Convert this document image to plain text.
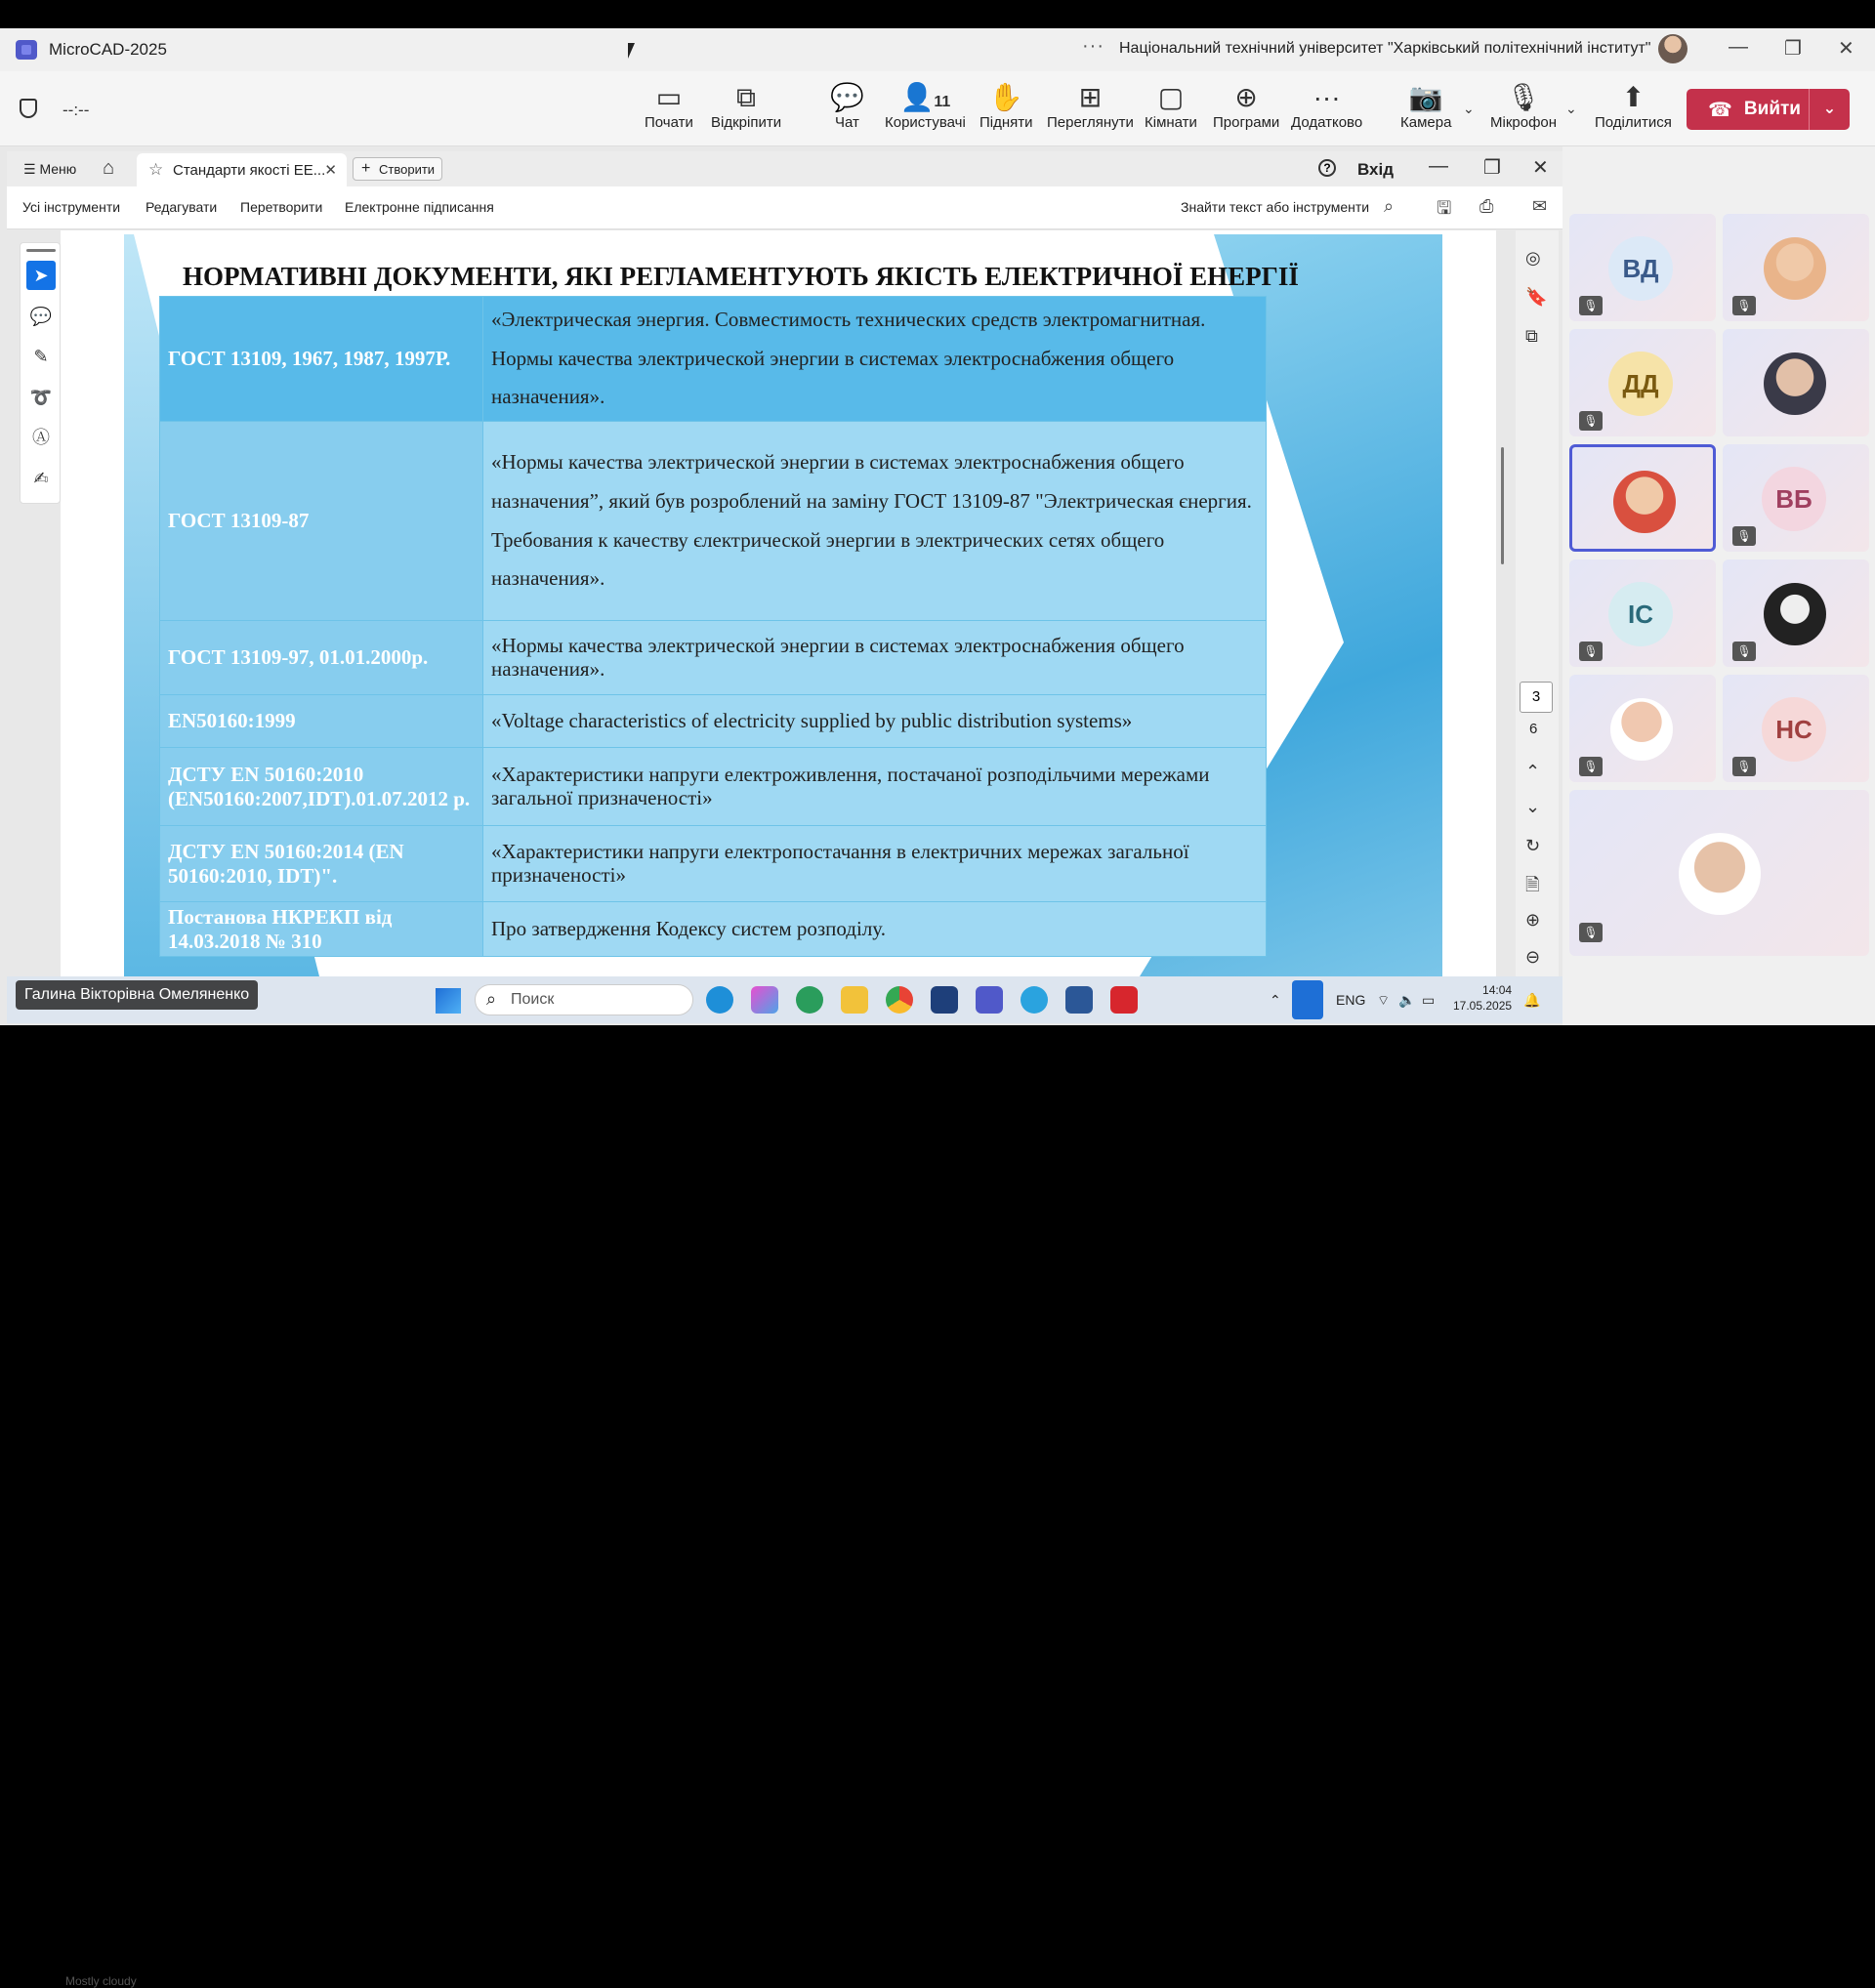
MicroCAD-2025	··· Національний технічний університет "Харківський політехнічний інститут"	— ❐ ✕
--:--	▭
Почати
⧉
Відкріпити
💬
Чат
👤11
Користувачі
✋
Підняти
⊞
Переглянути
▢
Кімнати
⊕
Програми
···
Додатково
📷
Камера
⌄	🎙
Мікрофон
⌄	⬆
Поділитися
☎ Вийти	⌄
☰ Меню ⌂ ☆ Стандарти якості ЕЕ... ✕ + Створити	?	Вхід — ❐ ✕
Усі інструменти Редагувати Перетворити Електронне підписання	Знайти текст або інструменти ⌕ 🖫 ⎙ ✉
➤
💬
✎
➰
Ⓐ
✍
НОРМАТИВНІ ДОКУМЕНТИ, ЯКІ РЕГЛАМЕНТУЮТЬ ЯКІСТЬ ЕЛЕКТРИЧНОЇ ЕНЕРГІЇ
ГОСТ 13109, 1967, 1987, 1997Р.	«Электрическая энергия. Совместимость технических средств электромагнитная. Нормы качества электрической энергии в системах электроснабжения общего назначения».
ГОСТ 13109-87	«Нормы качества электрической энергии в системах электроснабжения общего назначения”, який був розроблений на заміну ГОСТ 13109-87 "Электрическая єнергия. Требования к качеству єлектрической энергии в электрических сетях общего назначения».
ГОСТ 13109-97, 01.01.2000р.	«Нормы качества электрической энергии в системах электроснабжения общего назначения».
EN50160:1999	«Voltage characteristics of electricity supplied by public distribution systems»
ДСТУ EN 50160:2010 (EN50160:2007,IDT).01.07.2012 р.	«Характеристики напруги електроживлення, постачаної розподільчими мережами загальної призначеності»
ДСТУ EN 50160:2014 (EN 50160:2010, IDT)".	«Характеристики напруги електропостачання в електричних мережах загальної призначеності»
Постанова НКРЕКП від 14.03.2018 № 310	Про затвердження Кодексу систем розподілу.
◎
🔖
⧉
⌃
⌄
↻
🗎
⊕
⊖
3
6
Mostly cloudy
⌕ Поиск	⌃	ENG ⌔ 🔈 ▭
14:04
17.05.2025 🔔
Галина Вікторівна Омеляненко
ВД
🎙	🎙
ДД
🎙
ВБ
🎙
ІС
🎙	🎙
🎙
НС
🎙
🎙
